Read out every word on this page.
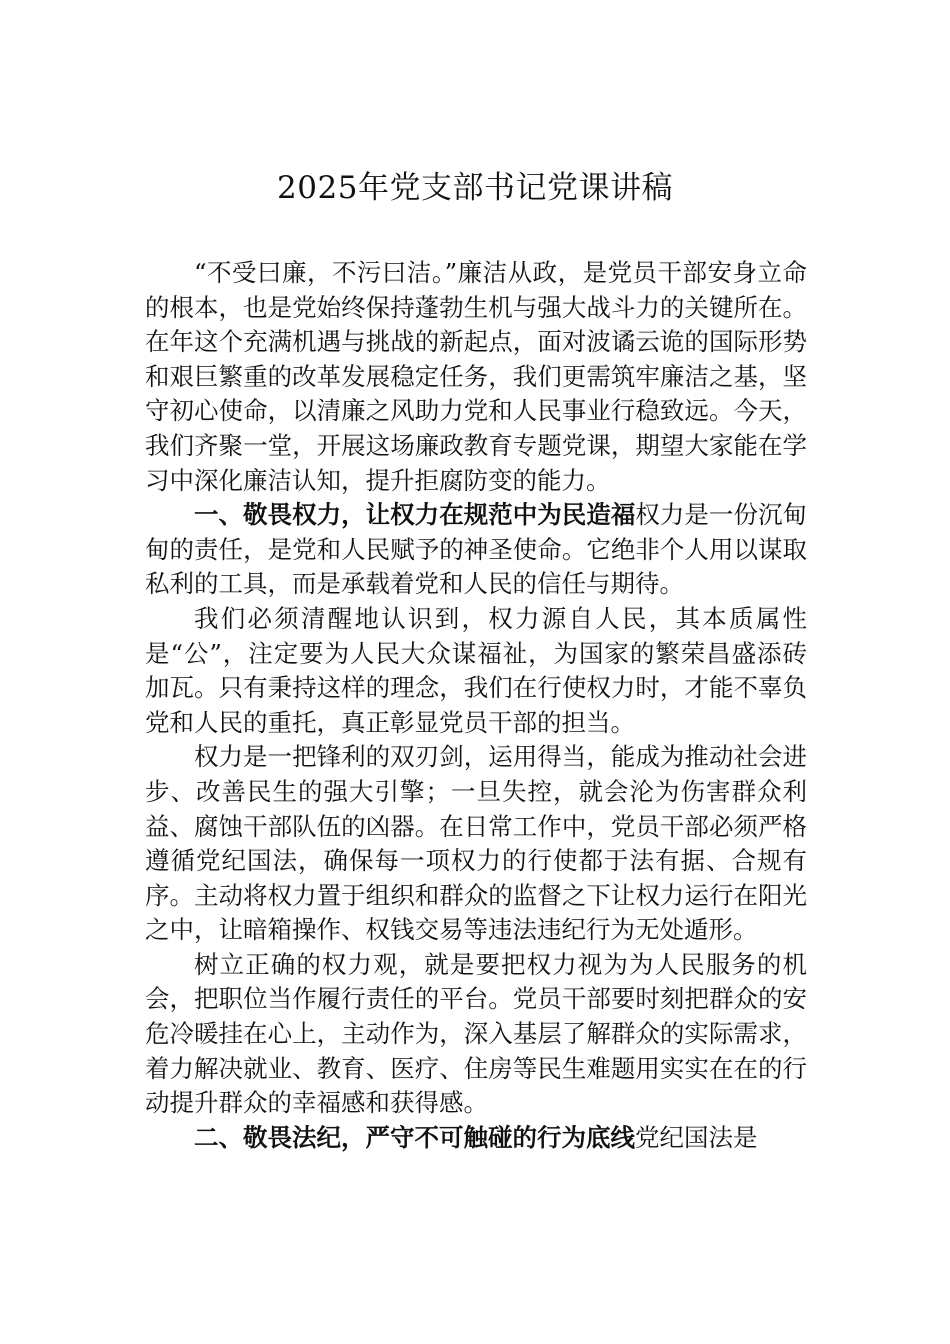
2025年党支部书记党课讲稿

“不受曰廉，不污曰洁。”廉洁从政，是党员干部安身立命的根本，也是党始终保持蓬勃生机与强大战斗力的关键所在。在年这个充满机遇与挑战的新起点，面对波谲云诡的国际形势和艰巨繁重的改革发展稳定任务，我们更需筑牢廉洁之基，坚守初心使命，以清廉之风助力党和人民事业行稳致远。今天，我们齐聚一堂，开展这场廉政教育专题党课，期望大家能在学习中深化廉洁认知，提升拒腐防变的能力。

一、敬畏权力，让权力在规范中为民造福权力是一份沉甸甸的责任，是党和人民赋予的神圣使命。它绝非个人用以谋取私利的工具，而是承载着党和人民的信任与期待。

我们必须清醒地认识到，权力源自人民，其本质属性是“公”，注定要为人民大众谋福祉，为国家的繁荣昌盛添砖加瓦。只有秉持这样的理念，我们在行使权力时，才能不辜负党和人民的重托，真正彰显党员干部的担当。

权力是一把锋利的双刃剑，运用得当，能成为推动社会进步、改善民生的强大引擎；一旦失控，就会沦为伤害群众利益、腐蚀干部队伍的凶器。在日常工作中，党员干部必须严格遵循党纪国法，确保每一项权力的行使都于法有据、合规有序。主动将权力置于组织和群众的监督之下让权力运行在阳光之中，让暗箱操作、权钱交易等违法违纪行为无处遁形。

树立正确的权力观，就是要把权力视为为人民服务的机会，把职位当作履行责任的平台。党员干部要时刻把群众的安危冷暖挂在心上，主动作为，深入基层了解群众的实际需求，着力解决就业、教育、医疗、住房等民生难题用实实在在的行动提升群众的幸福感和获得感。

二、敬畏法纪，严守不可触碰的行为底线党纪国法是
